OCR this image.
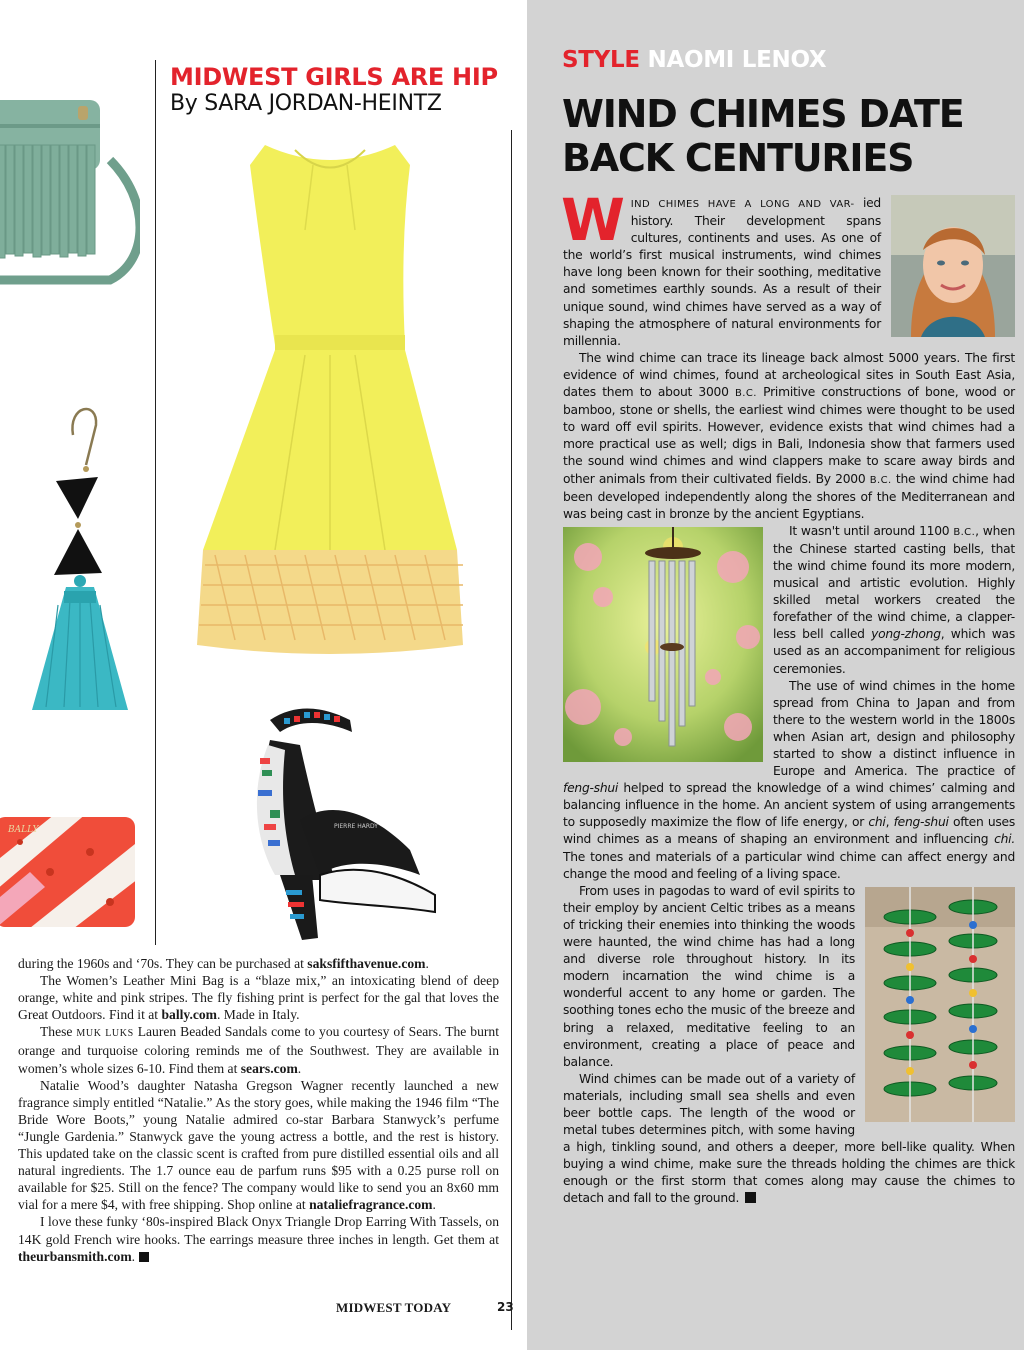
MIDWEST GIRLS ARE HIP
By SARA JORDAN-HEINTZ
PIERRE HARDY
BALLY

during the 1960s and ‘70s. They can be purchased at saksfifthavenue.com.

The Women’s Leather Mini Bag is a “blaze mix,” an intoxicating blend of deep orange, white and pink stripes. The fly fishing print is perfect for the gal that loves the Great Outdoors. Find it at bally.com. Made in Italy.

These MUK LUKS Lauren Beaded Sandals come to you courtesy of Sears. The burnt orange and turquoise coloring reminds me of the Southwest. They are available in women’s whole sizes 6-10. Find them at sears.com.

Natalie Wood’s daughter Natasha Gregson Wagner recently launched a new fragrance simply entitled “Natalie.” As the story goes, while making the 1946 film “The Bride Wore Boots,” young Natalie admired co-star Barbara Stanwyck’s perfume “Jungle Gardenia.” Stanwyck gave the young actress a bottle, and the rest is history. This updated take on the classic scent is crafted from pure distilled essential oils and all natural ingredients. The 1.7 ounce eau de parfum runs $95 with a 0.25 purse roll on available for $25. Still on the fence? The company would like to send you an 8x60 mm vial for a mere $4, with free shipping. Shop online at nataliefragrance.com.

I love these funky ‘80s-inspired Black Onyx Triangle Drop Earring With Tassels, on 14K gold French wire hooks. The earrings measure three inches in length. Get them at theurbansmith.com.

MIDWEST TODAY	23
STYLE NAOMI LENOX
WIND CHIMES DATE
BACK CENTURIES

WIND CHIMES HAVE A LONG AND VAR- ied history. Their development spans cultures, continents and uses. As one of the world’s first musical instruments, wind chimes have long been known for their soothing, meditative and sometimes earthly sounds. As a result of their unique sound, wind chimes have served as a way of shaping the atmosphere of natural environments for millennia.

The wind chime can trace its lineage back almost 5000 years. The first evidence of wind chimes, found at archeological sites in South East Asia, dates them to about 3000 B.C. Primitive constructions of bone, wood or bamboo, stone or shells, the earliest wind chimes were thought to be used to ward off evil spirits. However, evidence exists that wind chimes had a more practical use as well; digs in Bali, Indonesia show that farmers used the sound wind chimes and wind clappers make to scare away birds and other animals from their cultivated fields. By 2000 B.C. the wind chime had been developed independently along the shores of the Mediterranean and was being cast in bronze by the ancient Egyptians.

It wasn't until around 1100 B.C., when the Chinese started casting bells, that the wind chime found its more modern, musical and artistic evolution. Highly skilled metal workers created the forefather of the wind chime, a clapper-less bell called yong-zhong, which was used as an accompaniment for religious ceremonies.

The use of wind chimes in the home spread from China to Japan and from there to the western world in the 1800s when Asian art, design and philosophy started to show a distinct influence in Europe and America. The practice of feng-shui helped to spread the knowledge of a wind chimes’ calming and balancing influence in the home. An ancient system of using arrangements to supposedly maximize the flow of life energy, or chi, feng-shui often uses wind chimes as a means of shaping an environment and influencing chi. The tones and materials of a particular wind chime can affect energy and change the mood and feeling of a living space.

From uses in pagodas to ward of evil spirits to their employ by ancient Celtic tribes as a means of tricking their enemies into thinking the woods were haunted, the wind chime has had a long and diverse role throughout history. In its modern incarnation the wind chime is a wonderful accent to any home or garden. The soothing tones echo the music of the breeze and bring a relaxed, meditative feeling to an environment, creating a place of peace and balance.

Wind chimes can be made out of a variety of materials, including small sea shells and even beer bottle caps. The length of the wood or metal tubes determines pitch, with some having a high, tinkling sound, and others a deeper, more bell-like quality. When buying a wind chime, make sure the threads holding the chimes are thick enough or the first storm that comes along may cause the chimes to detach and fall to the ground.
